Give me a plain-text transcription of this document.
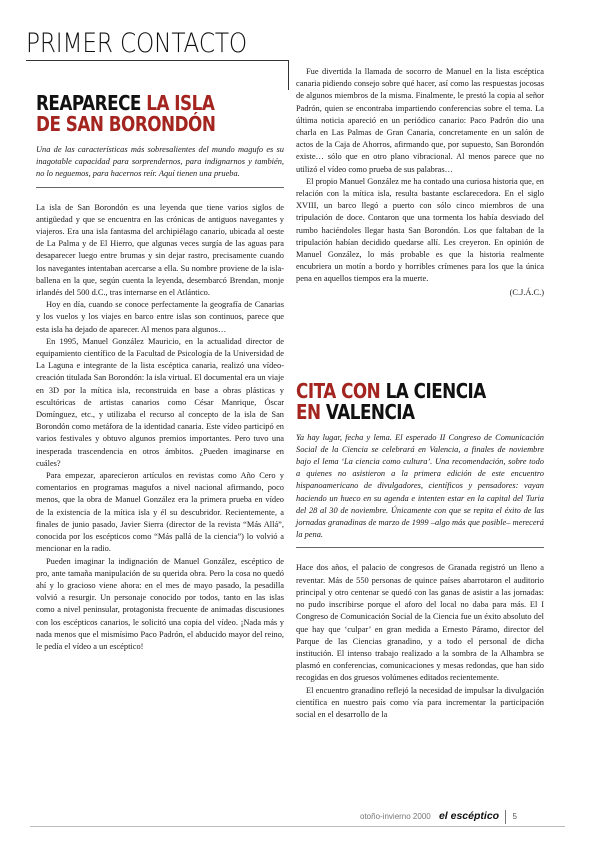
PRIMER CONTACTO
REAPARECE LA ISLA
DE SAN BORONDÓN

Una de las características más sobresalientes del mundo magufo es su inagotable capacidad para sorprendernos, para indignarnos y también, no lo neguemos, para hacernos reír. Aquí tienen una prueba.

La isla de San Borondón es una leyenda que tiene varios siglos de antigüedad y que se encuentra en las crónicas de antiguos navegantes y viajeros. Era una isla fantasma del archipiélago canario, ubicada al oeste de La Palma y de El Hierro, que algunas veces surgía de las aguas para desaparecer luego entre brumas y sin dejar rastro, precisamente cuando los navegantes intentaban acercarse a ella. Su nombre proviene de la isla-ballena en la que, según cuenta la leyenda, desembarcó Brendan, monje irlandés del 500 d.C., tras internarse en el Atlántico.

Hoy en día, cuando se conoce perfectamente la geografía de Canarias y los vuelos y los viajes en barco entre islas son continuos, parece que esta isla ha dejado de aparecer. Al menos para algunos…

En 1995, Manuel González Mauricio, en la actualidad director de equipamiento científico de la Facultad de Psicología de la Universidad de La Laguna e integrante de la lista escéptica canaria, realizó una vídeo-creación titulada San Borondón: la isla virtual. El documental era un viaje en 3D por la mítica isla, reconstruida en base a obras plásticas y escultóricas de artistas canarios como César Manrique, Óscar Domínguez, etc., y utilizaba el recurso al concepto de la isla de San Borondón como metáfora de la identidad canaria. Este vídeo participó en varios festivales y obtuvo algunos premios importantes. Pero tuvo una inesperada trascendencia en otros ámbitos. ¿Pueden imaginarse en cuáles?

Para empezar, aparecieron artículos en revistas como Año Cero y comentarios en programas magufos a nivel nacional afirmando, poco menos, que la obra de Manuel González era la primera prueba en vídeo de la existencia de la mítica isla y él su descubridor. Recientemente, a finales de junio pasado, Javier Sierra (director de la revista “Más Allá”, conocida por los escépticos como “Más pallá de la ciencia”) lo volvió a mencionar en la radio.

Pueden imaginar la indignación de Manuel González, escéptico de pro, ante tamaña manipulación de su querida obra. Pero la cosa no quedó ahí y lo gracioso viene ahora: en el mes de mayo pasado, la pesadilla volvió a resurgir. Un personaje conocido por todos, tanto en las islas como a nivel peninsular, protagonista frecuente de animadas discusiones con los escépticos canarios, le solicitó una copia del vídeo. ¡Nada más y nada menos que el mismísimo Paco Padrón, el abducido mayor del reino, le pedía el vídeo a un escéptico!

Fue divertida la llamada de socorro de Manuel en la lista escéptica canaria pidiendo consejo sobre qué hacer, así como las respuestas jocosas de algunos miembros de la misma. Finalmente, le prestó la copia al señor Padrón, quien se encontraba impartiendo conferencias sobre el tema. La última noticia apareció en un periódico canario: Paco Padrón dio una charla en Las Palmas de Gran Canaria, concretamente en un salón de actos de la Caja de Ahorros, afirmando que, por supuesto, San Borondón existe… sólo que en otro plano vibracional. Al menos parece que no utilizó el vídeo como prueba de sus palabras…

El propio Manuel González me ha contado una curiosa historia que, en relación con la mítica isla, resulta bastante esclarecedora. En el siglo XVIII, un barco llegó a puerto con sólo cinco miembros de una tripulación de doce. Contaron que una tormenta los había desviado del rumbo haciéndoles llegar hasta San Borondón. Los que faltaban de la tripulación habían decidido quedarse allí. Les creyeron. En opinión de Manuel González, lo más probable es que la historia realmente encubriera un motín a bordo y horribles crímenes para los que la única pena en aquellos tiempos era la muerte.

(C.J.Á.C.)

CITA CON LA CIENCIA
EN VALENCIA

Ya hay lugar, fecha y lema. El esperado II Congreso de Comunicación Social de la Ciencia se celebrará en Valencia, a finales de noviembre bajo el lema ‘La ciencia como cultura’. Una recomendación, sobre todo a quienes no asistieron a la primera edición de este encuentro hispanoamericano de divulgadores, científicos y pensadores: vayan haciendo un hueco en su agenda e intenten estar en la capital del Turia del 28 al 30 de noviembre. Únicamente con que se repita el éxito de las jornadas granadinas de marzo de 1999 –algo más que posible– merecerá la pena.

Hace dos años, el palacio de congresos de Granada registró un lleno a reventar. Más de 550 personas de quince países abarrotaron el auditorio principal y otro centenar se quedó con las ganas de asistir a las jornadas: no pudo inscribirse porque el aforo del local no daba para más. El I Congreso de Comunicación Social de la Ciencia fue un éxito absoluto del que hay que ‘culpar’ en gran medida a Ernesto Páramo, director del Parque de las Ciencias granadino, y a todo el personal de dicha institución. El intenso trabajo realizado a la sombra de la Alhambra se plasmó en conferencias, comunicaciones y mesas redondas, que han sido recogidas en dos gruesos volúmenes editados recientemente.

El encuentro granadino reflejó la necesidad de impulsar la divulgación científica en nuestro país como vía para incrementar la participación social en el desarrollo de la

otoño-invierno 2000 el escéptico 5
